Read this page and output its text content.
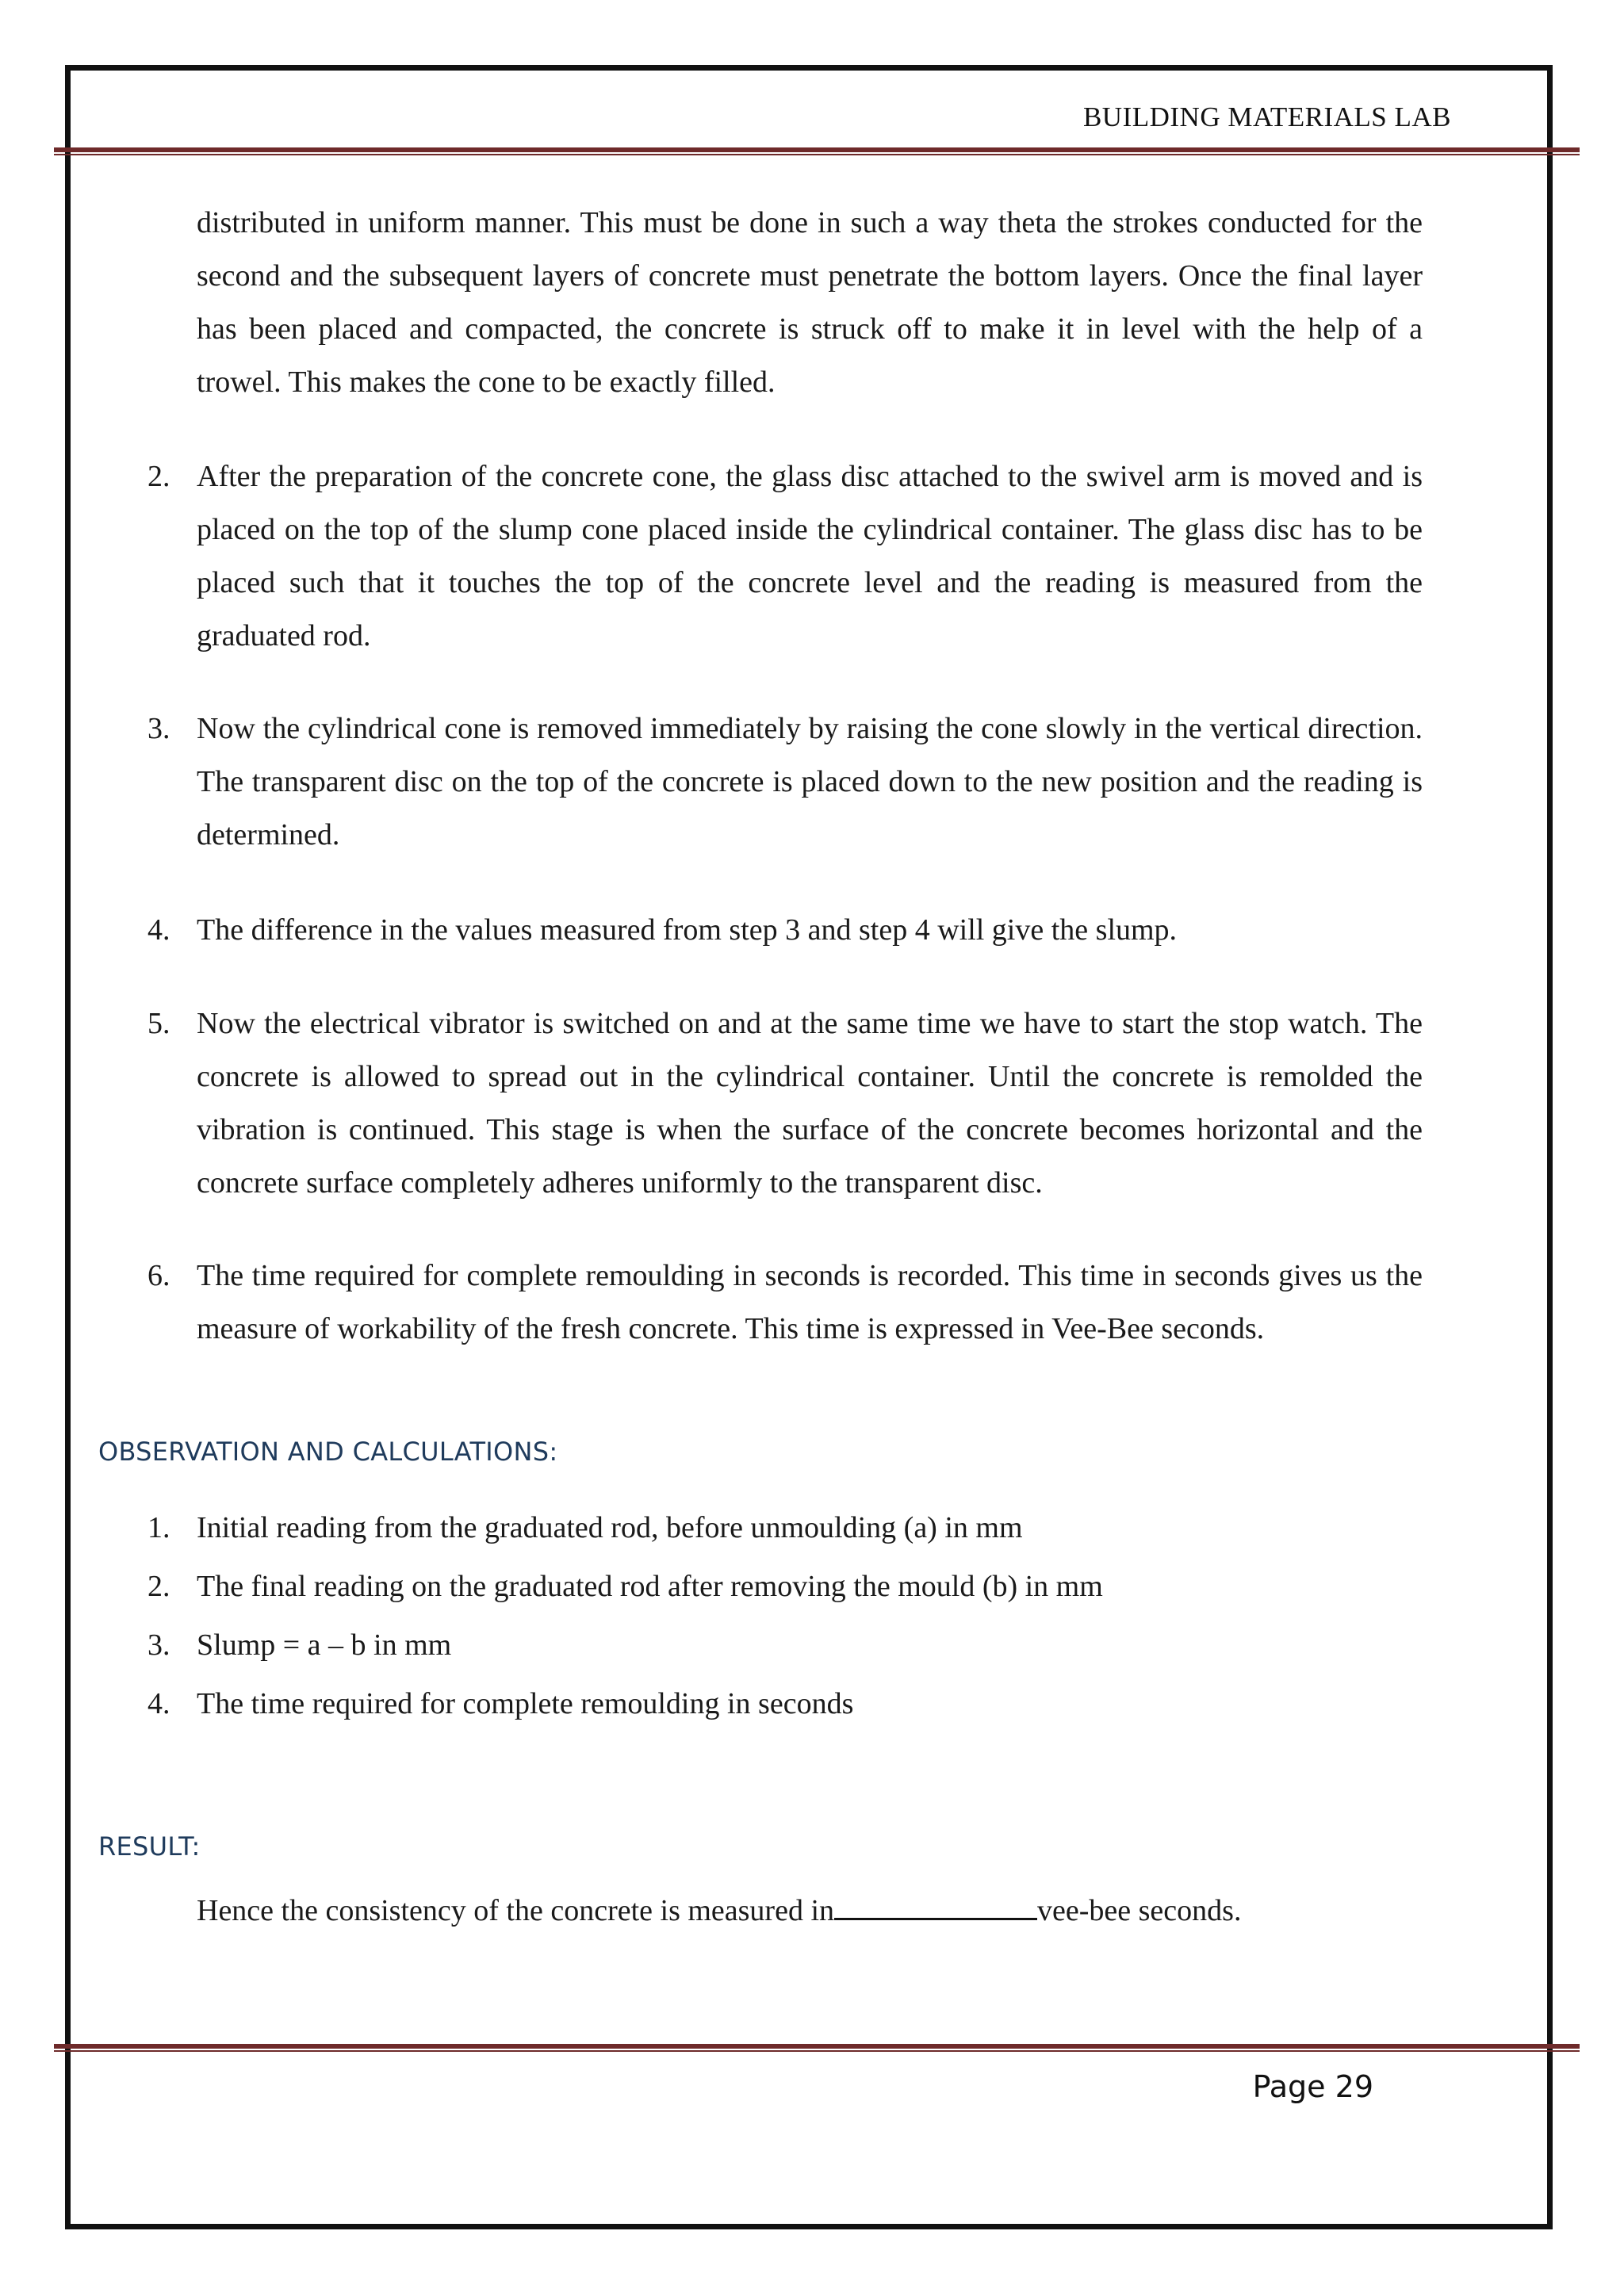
BUILDING MATERIALS LAB

distributed in uniform manner. This must be done in such a way theta the strokes conducted for the second and the subsequent layers of concrete must penetrate the bottom layers. Once the final layer has been placed and compacted, the concrete is struck off to make it in level with the help of a trowel. This makes the cone to be exactly filled.

2. After the preparation of the concrete cone, the glass disc attached to the swivel arm is moved and is placed on the top of the slump cone placed inside the cylindrical container. The glass disc has to be placed such that it touches the top of the concrete level and the reading is measured from the graduated rod.
3. Now the cylindrical cone is removed immediately by raising the cone slowly in the vertical direction. The transparent disc on the top of the concrete is placed down to the new position and the reading is determined.
4. The difference in the values measured from step 3 and step 4 will give the slump.
5. Now the electrical vibrator is switched on and at the same time we have to start the stop watch. The concrete is allowed to spread out in the cylindrical container. Until the concrete is remolded the vibration is continued. This stage is when the surface of the concrete becomes horizontal and the concrete surface completely adheres uniformly to the transparent disc.
6. The time required for complete remoulding in seconds is recorded. This time in seconds gives us the measure of workability of the fresh concrete. This time is expressed in Vee-Bee seconds.
OBSERVATION AND CALCULATIONS:
1. Initial reading from the graduated rod, before unmoulding (a) in mm
2. The final reading on the graduated rod after removing the mould (b) in mm
3. Slump = a – b in mm
4. The time required for complete remoulding in seconds
RESULT:
Hence the consistency of the concrete is measured in	vee-bee seconds.
Page 29
